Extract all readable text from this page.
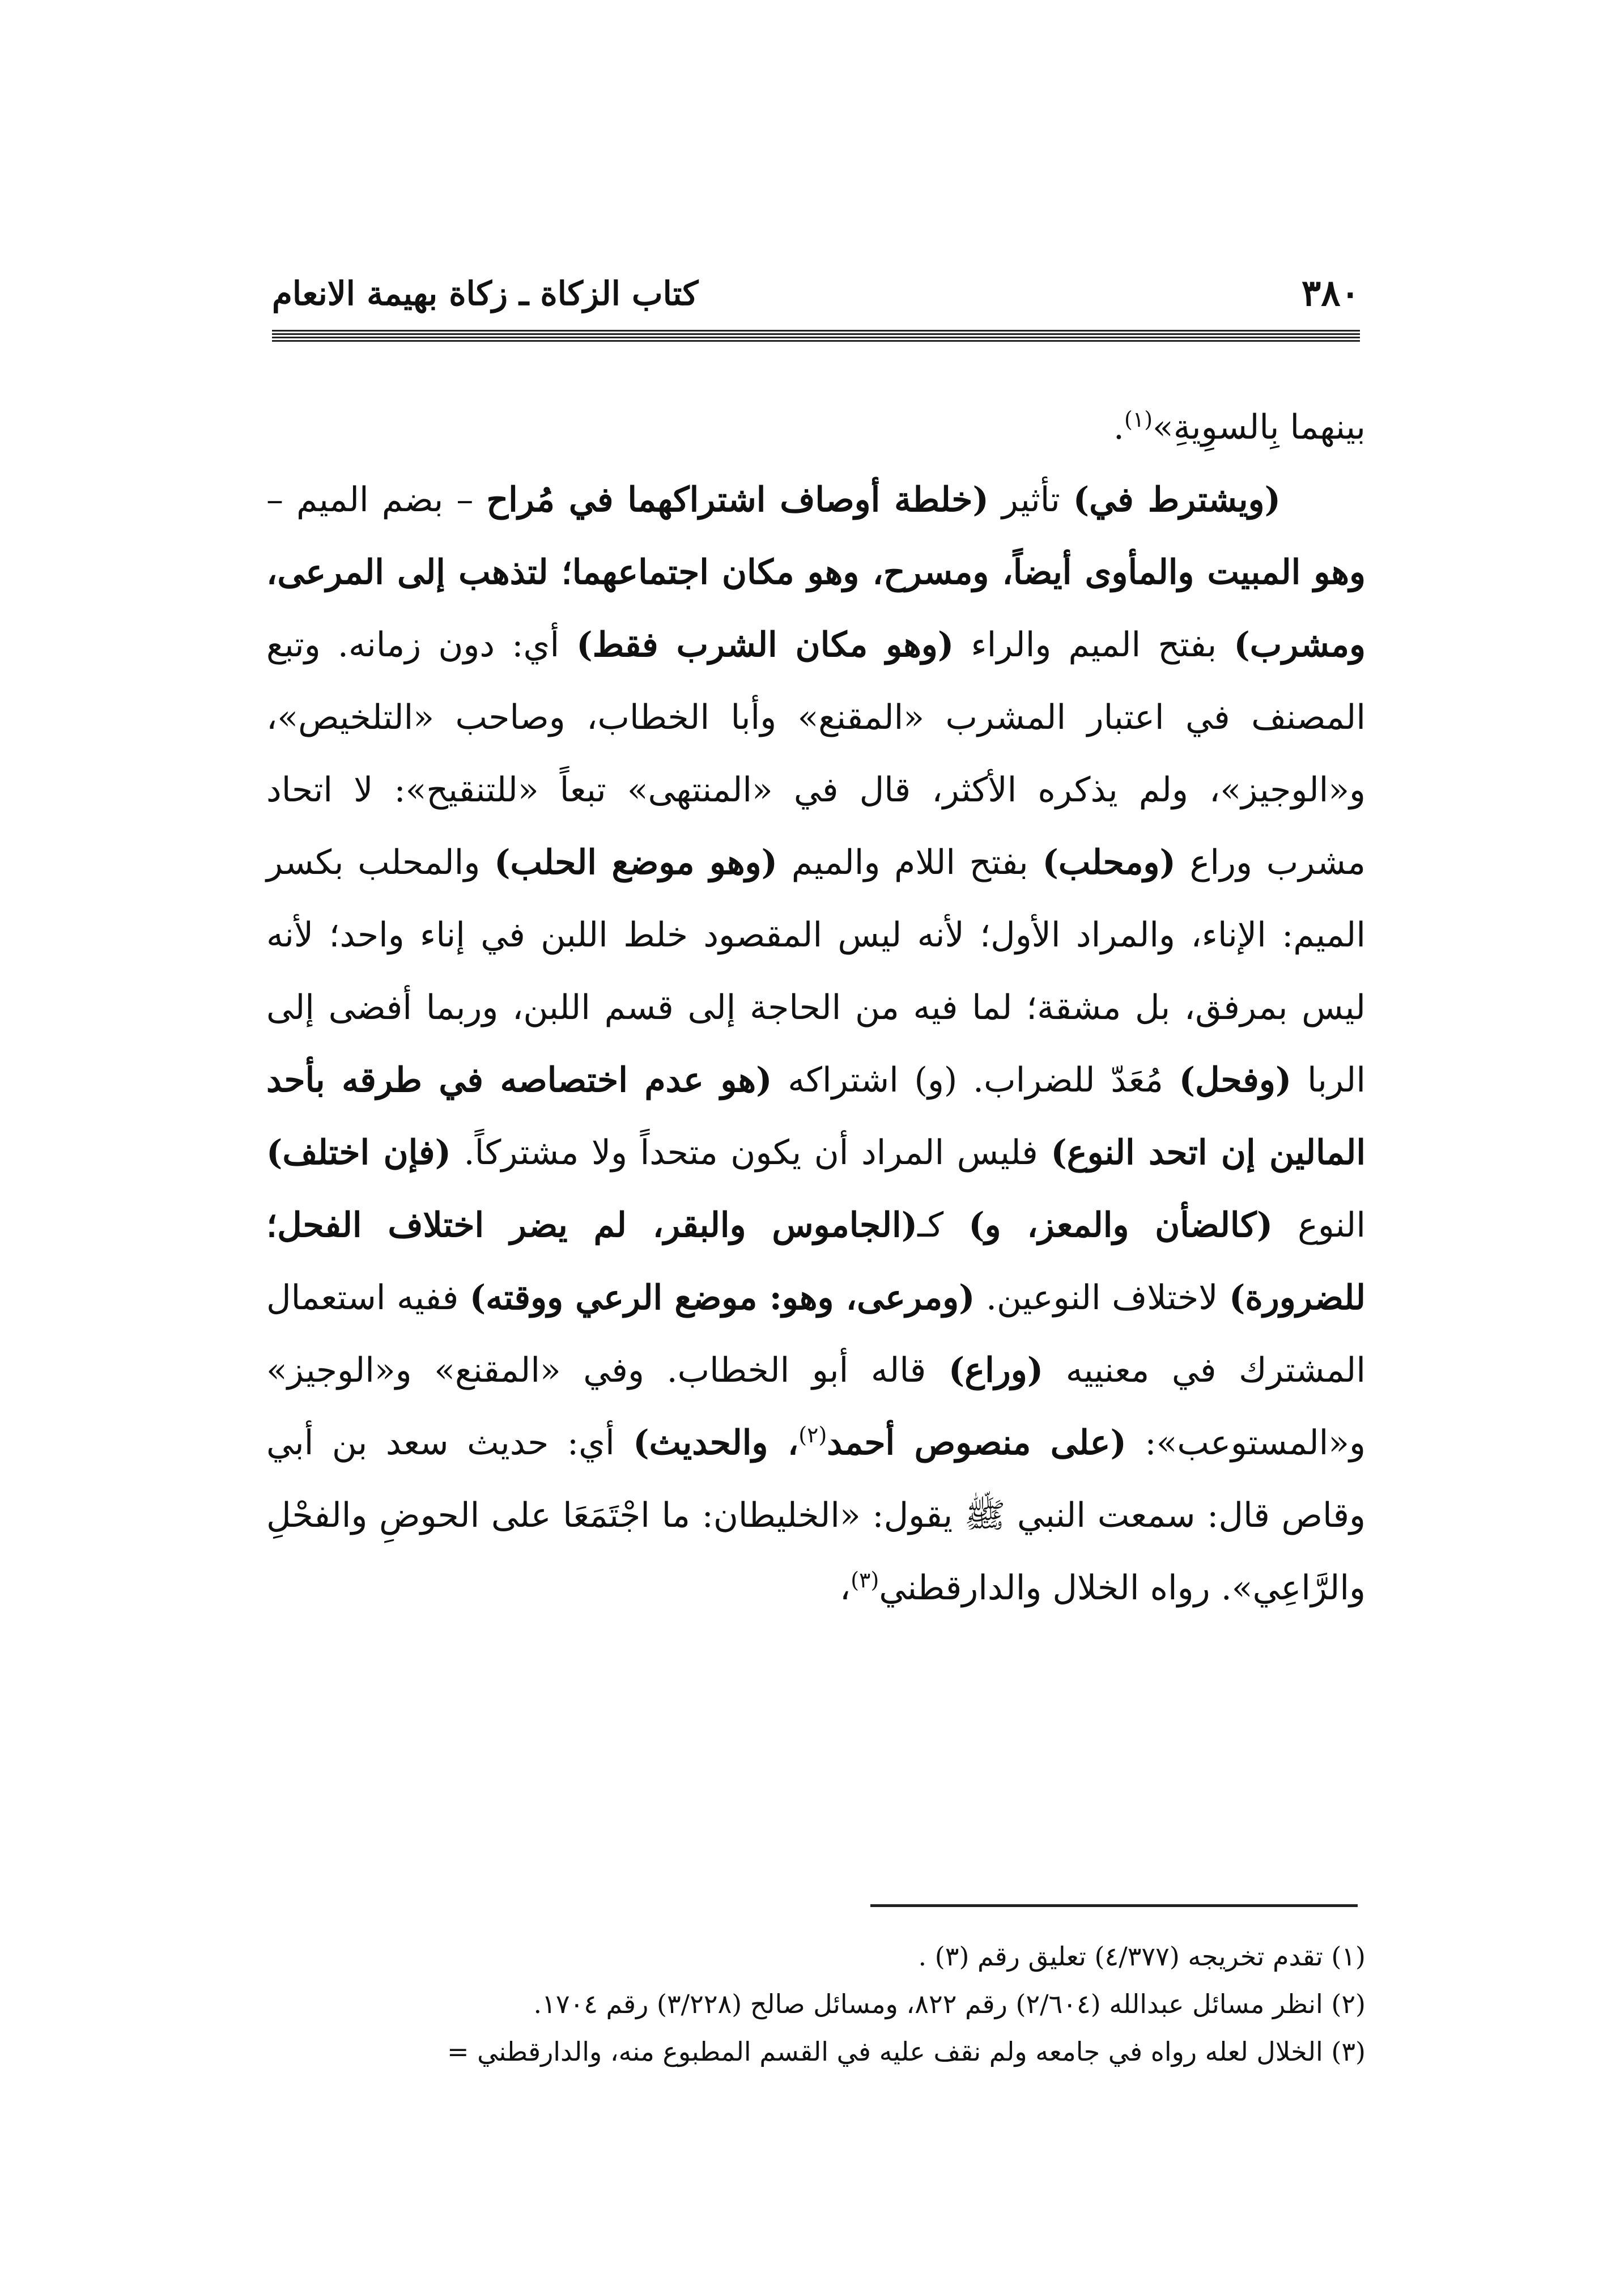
٣٨٠
كتاب الزكاة ـ زكاة بهيمة الانعام

بينهما بِالسوِيةِ»$^{(١)}$.

(ويشترط في) تأثير (خلطة أوصاف اشتراكهما في مُراح – بضم الميم – وهو المبيت والمأوى أيضاً، ومسرح، وهو مكان اجتماعهما؛ لتذهب إلى المرعى، ومشرب) بفتح الميم والراء (وهو مكان الشرب فقط) أي: دون زمانه. وتبع المصنف في اعتبار المشرب «المقنع» وأبا الخطاب، وصاحب «التلخيص»، و«الوجيز»، ولم يذكره الأكثر، قال في «المنتهى» تبعاً «للتنقيح»: لا اتحاد مشرب وراع (ومحلب) بفتح اللام والميم (وهو موضع الحلب) والمحلب بكسر الميم: الإناء، والمراد الأول؛ لأنه ليس المقصود خلط اللبن في إناء واحد؛ لأنه ليس بمرفق، بل مشقة؛ لما فيه من الحاجة إلى قسم اللبن، وربما أفضى إلى الربا (وفحل) مُعَدّ للضراب. (و) اشتراكه (هو عدم اختصاصه في طرقه بأحد المالين إن اتحد النوع) فليس المراد أن يكون متحداً ولا مشتركاً. (فإن اختلف) النوع (كالضأن والمعز، و) كـ(الجاموس والبقر، لم يضر اختلاف الفحل؛ للضرورة) لاختلاف النوعين. (ومرعى، وهو: موضع الرعي ووقته) ففيه استعمال المشترك في معنييه (وراع) قاله أبو الخطاب. وفي «المقنع» و«الوجيز» و«المستوعب»: (على منصوص أحمد$^{(٢)}$، والحديث) أي: حديث سعد بن أبي وقاص قال: سمعت النبي ﷺ يقول: «الخليطان: ما اجْتَمَعَا على الحوضِ والفحْلِ والرَّاعِي». رواه الخلال والدارقطني$^{(٣)}$،

(١) تقدم تخريجه (٤/٣٧٧) تعليق رقم (٣) .

(٢) انظر مسائل عبدالله (٢/٦٠٤) رقم ٨٢٢، ومسائل صالح (٣/٢٢٨) رقم ١٧٠٤.

(٣) الخلال لعله رواه في جامعه ولم نقف عليه في القسم المطبوع منه، والدارقطني =
